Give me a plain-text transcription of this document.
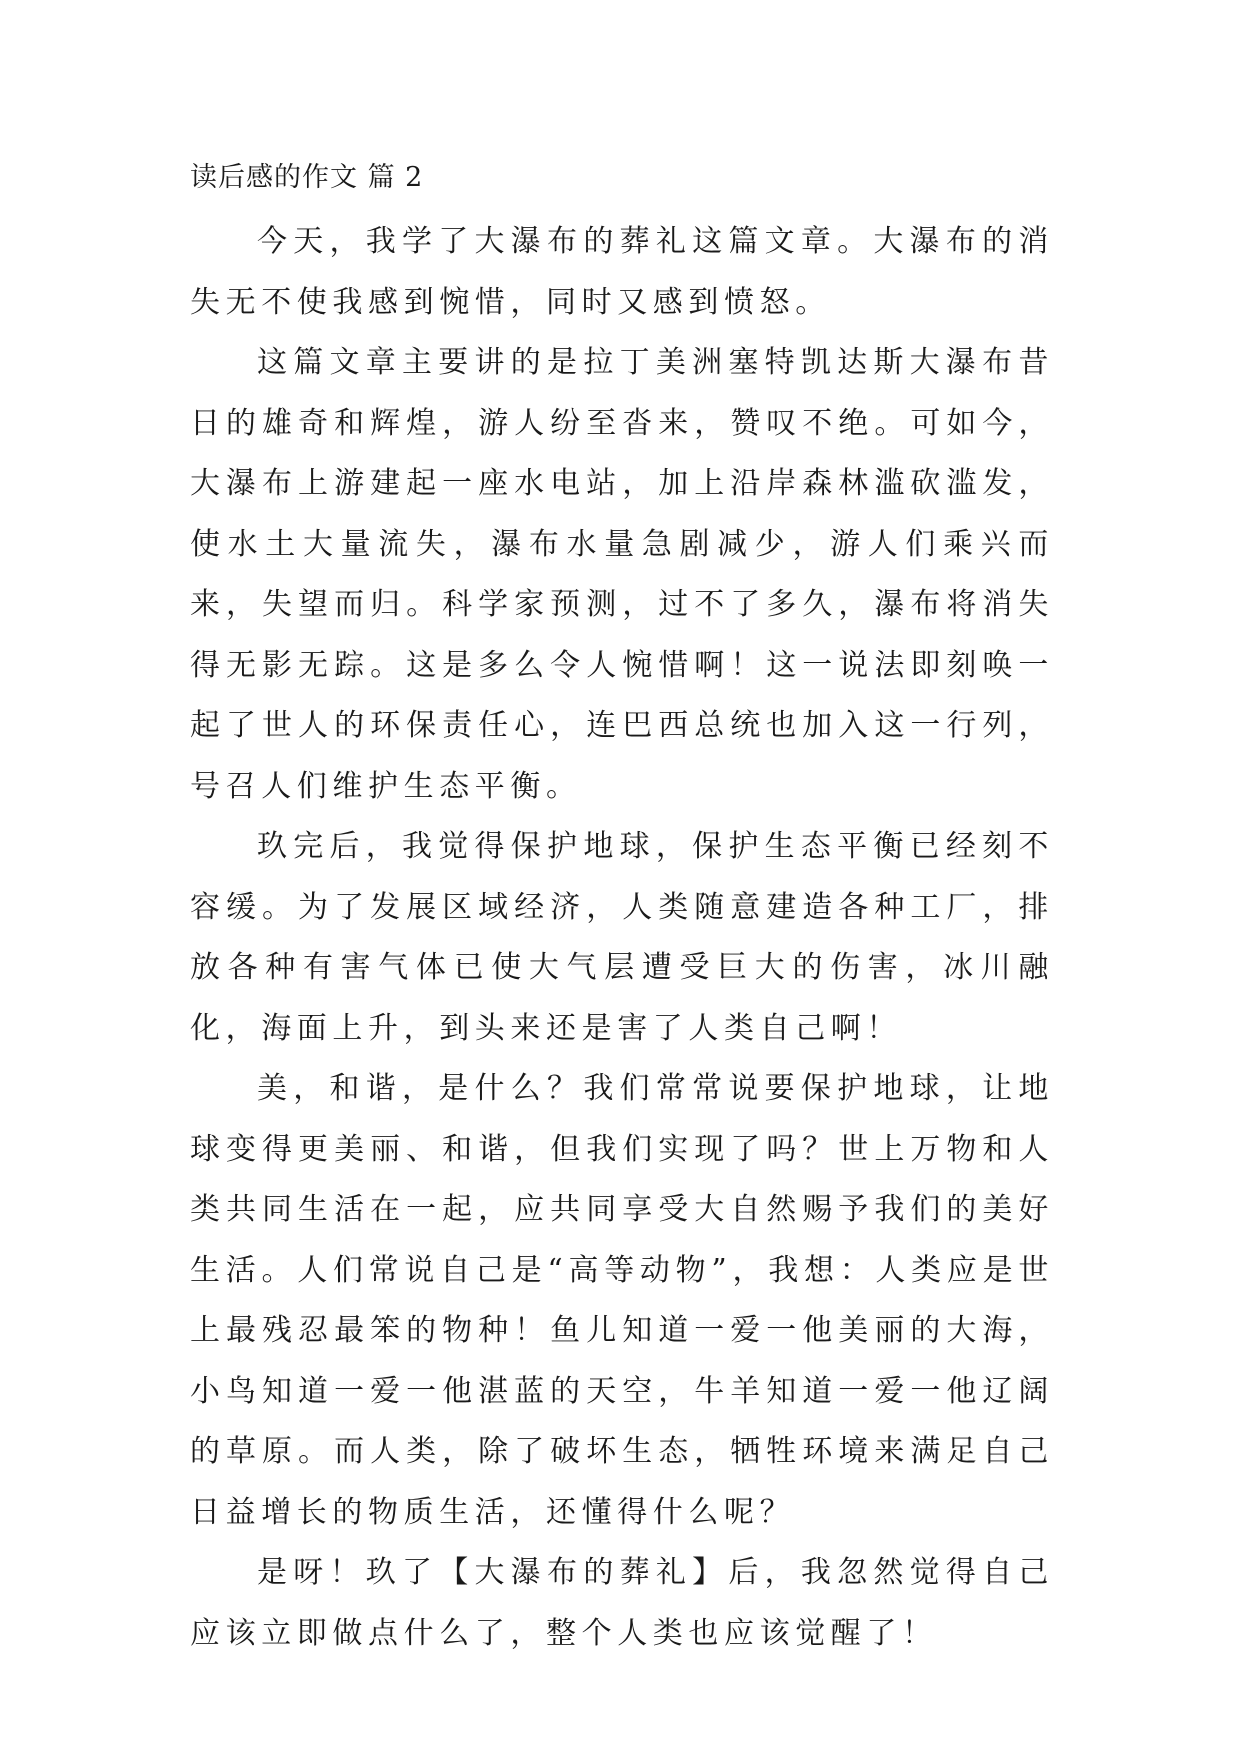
读后感的作文 篇 2

今天，我学了大瀑布的葬礼这篇文章。大瀑布的消失无不使我感到惋惜，同时又感到愤怒。

这篇文章主要讲的是拉丁美洲塞特凯达斯大瀑布昔日的雄奇和辉煌，游人纷至沓来，赞叹不绝。可如今，大瀑布上游建起一座水电站，加上沿岸森林滥砍滥发，使水土大量流失，瀑布水量急剧减少，游人们乘兴而来，失望而归。科学家预测，过不了多久，瀑布将消失得无影无踪。这是多么令人惋惜啊！这一说法即刻唤一起了世人的环保责任心，连巴西总统也加入这一行列，号召人们维护生态平衡。

玖完后，我觉得保护地球，保护生态平衡已经刻不容缓。为了发展区域经济，人类随意建造各种工厂，排放各种有害气体已使大气层遭受巨大的伤害，冰川融化，海面上升，到头来还是害了人类自己啊！

美，和谐，是什么？我们常常说要保护地球，让地球变得更美丽、和谐，但我们实现了吗？世上万物和人类共同生活在一起，应共同享受大自然赐予我们的美好生活。人们常说自己是“高等动物”，我想：人类应是世上最残忍最笨的物种！鱼儿知道一爱一他美丽的大海，小鸟知道一爱一他湛蓝的天空，牛羊知道一爱一他辽阔的草原。而人类，除了破坏生态，牺牲环境来满足自己日益增长的物质生活，还懂得什么呢？

是呀！玖了【大瀑布的葬礼】后，我忽然觉得自己应该立即做点什么了，整个人类也应该觉醒了！
